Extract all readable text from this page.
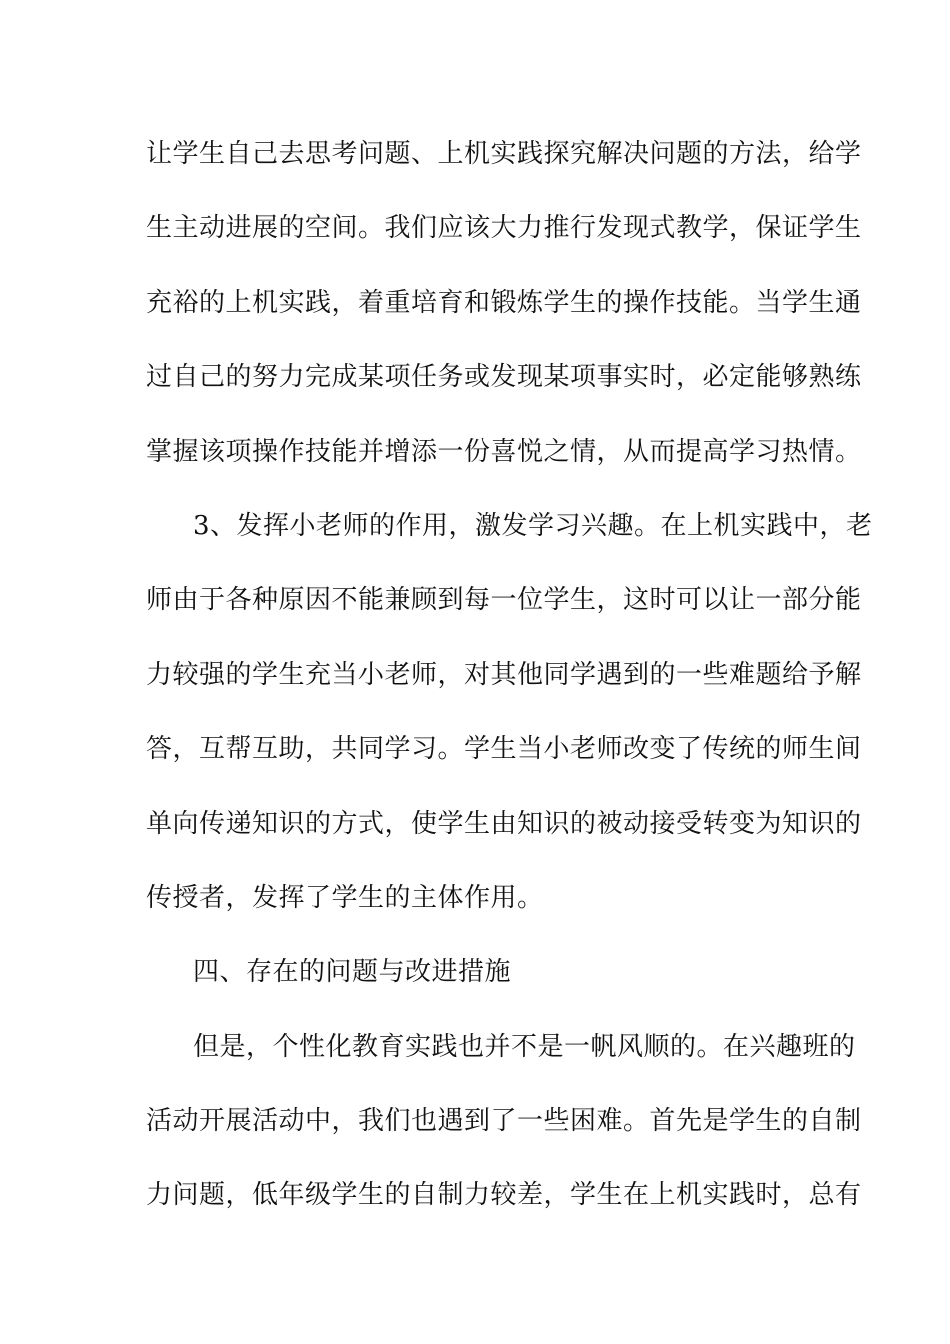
让学生自己去思考问题、上机实践探究解决问题的方法，给学
生主动进展的空间。我们应该大力推行发现式教学，保证学生
充裕的上机实践，着重培育和锻炼学生的操作技能。当学生通
过自己的努力完成某项任务或发现某项事实时，必定能够熟练
掌握该项操作技能并增添一份喜悦之情，从而提高学习热情。
3、发挥小老师的作用，激发学习兴趣。在上机实践中，老
师由于各种原因不能兼顾到每一位学生，这时可以让一部分能
力较强的学生充当小老师，对其他同学遇到的一些难题给予解
答，互帮互助，共同学习。学生当小老师改变了传统的师生间
单向传递知识的方式，使学生由知识的被动接受转变为知识的
传授者，发挥了学生的主体作用。
四、存在的问题与改进措施
但是，个性化教育实践也并不是一帆风顺的。在兴趣班的
活动开展活动中，我们也遇到了一些困难。首先是学生的自制
力问题，低年级学生的自制力较差，学生在上机实践时，总有
